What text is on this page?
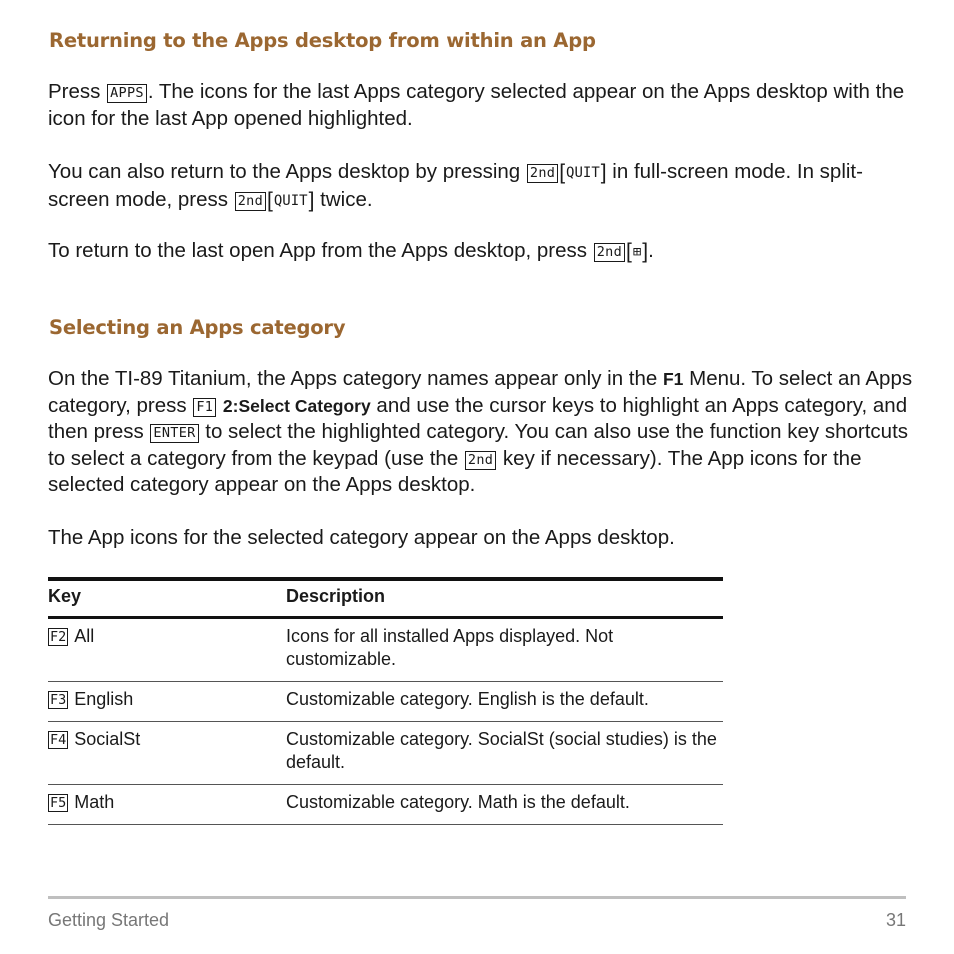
Returning to the Apps desktop from within an App

Press APPS . The icons for the last Apps category selected appear on the Apps desktop with the icon for the last App opened highlighted.

You can also return to the Apps desktop by pressing 2nd [ QUIT ] in full-screen mode. In split-screen mode, press 2nd [ QUIT ] twice.

To return to the last open App from the Apps desktop, press 2nd [ ⊞ ] .

Selecting an Apps category

On the TI-89 Titanium, the Apps category names appear only in the F1 Menu. To select an Apps category, press F1 2:Select Category and use the cursor keys to highlight an Apps category, and then press ENTER to select the highlighted category. You can also use the function key shortcuts to select a category from the keypad (use the 2nd key if necessary). The App icons for the selected category appear on the Apps desktop.

The App icons for the selected category appear on the Apps desktop.

Key	Description

F2 All	Icons for all installed Apps displayed. Not customizable.

F3 English	Customizable category. English is the default.

F4 SocialSt	Customizable category. SocialSt (social studies) is the default.

F5 Math	Customizable category. Math is the default.
Getting Started	31
